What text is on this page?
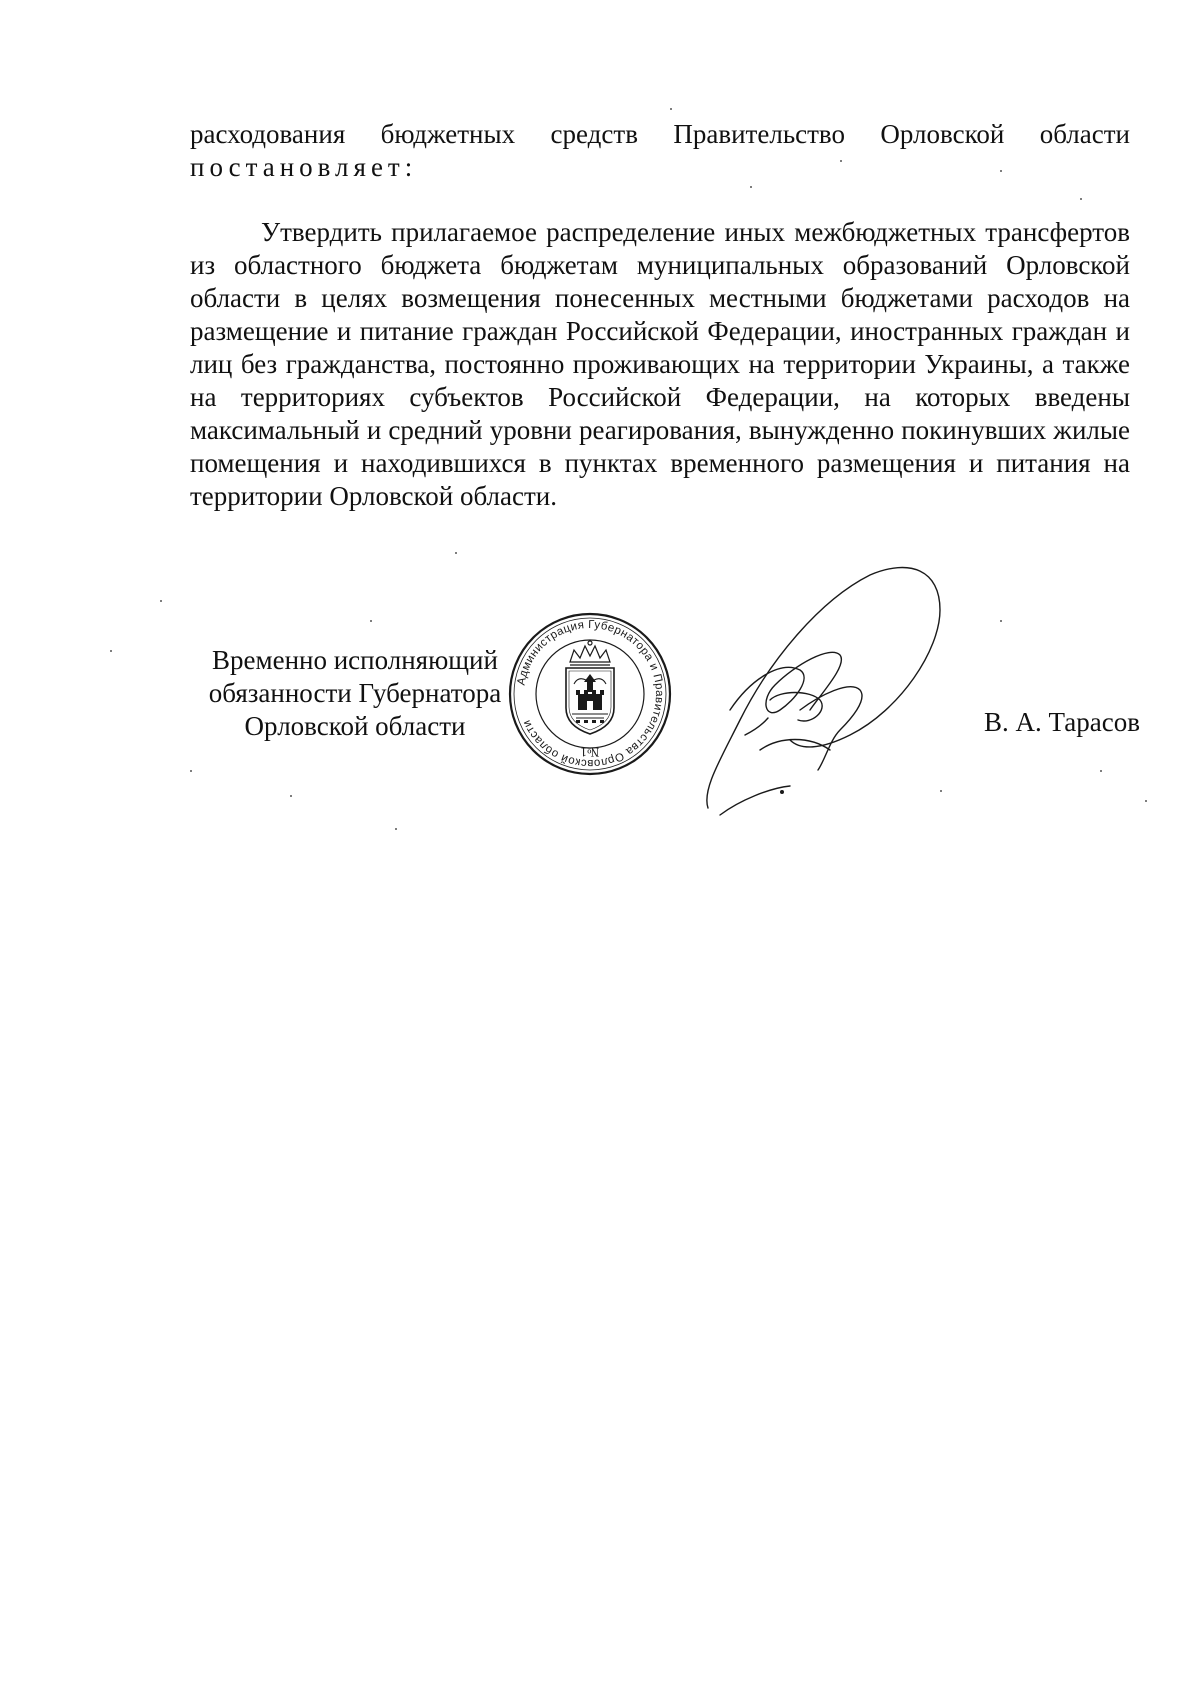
расходования бюджетных средств Правительство Орловской области
постановляет:
Утвердить прилагаемое распределение иных межбюджетных трансфертов из областного бюджета бюджетам муниципальных образований Орловской области в целях возмещения понесенных местными бюджетами расходов на размещение и питание граждан Российской Федерации, иностранных граждан и лиц без гражданства, постоянно проживающих на территории Украины, а также на территориях субъектов Российской Федерации, на которых введены максимальный и средний уровни реагирования, вынужденно покинувших жилые помещения и находившихся в пунктах временного размещения и питания на территории Орловской области.
Временно исполняющий
обязанности Губернатора
Орловской области
Администрация Губернатора и Правительства Орловской области
№1
В. А. Тарасов
